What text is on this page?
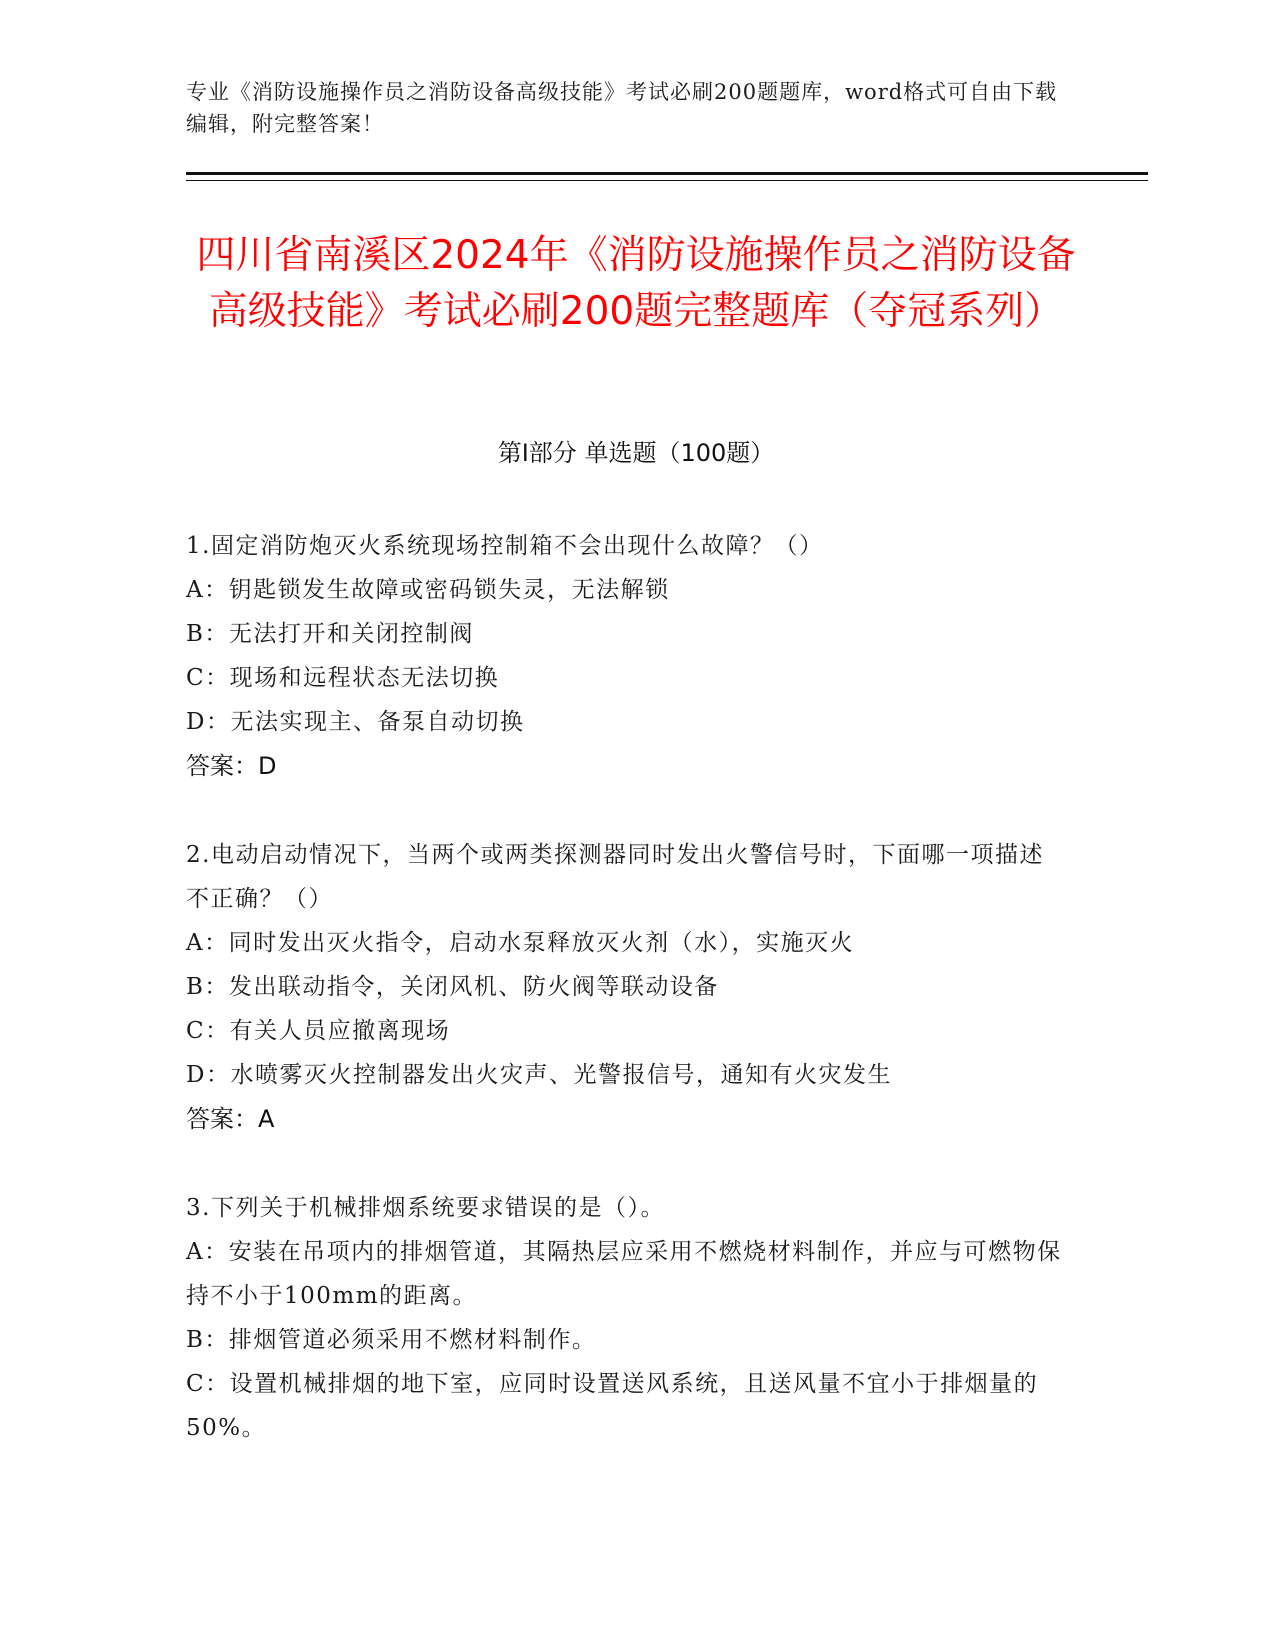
专业《消防设施操作员之消防设备高级技能》考试必刷200题题库，word格式可自由下载编辑，附完整答案！
四川省南溪区2024年《消防设施操作员之消防设备高级技能》考试必刷200题完整题库（夺冠系列）
第I部分 单选题（100题）
1.固定消防炮灭火系统现场控制箱不会出现什么故障？（）
A：钥匙锁发生故障或密码锁失灵，无法解锁
B：无法打开和关闭控制阀
C：现场和远程状态无法切换
D：无法实现主、备泵自动切换
答案：D
2.电动启动情况下，当两个或两类探测器同时发出火警信号时，下面哪一项描述不正确？（）
A：同时发出灭火指令，启动水泵释放灭火剂（水），实施灭火
B：发出联动指令，关闭风机、防火阀等联动设备
C：有关人员应撤离现场
D：水喷雾灭火控制器发出火灾声、光警报信号，通知有火灾发生
答案：A
3.下列关于机械排烟系统要求错误的是（）。
A：安装在吊项内的排烟管道，其隔热层应采用不燃烧材料制作，并应与可燃物保持不小于100mm的距离。
B：排烟管道必须采用不燃材料制作。
C：设置机械排烟的地下室，应同时设置送风系统，且送风量不宜小于排烟量的50%。
